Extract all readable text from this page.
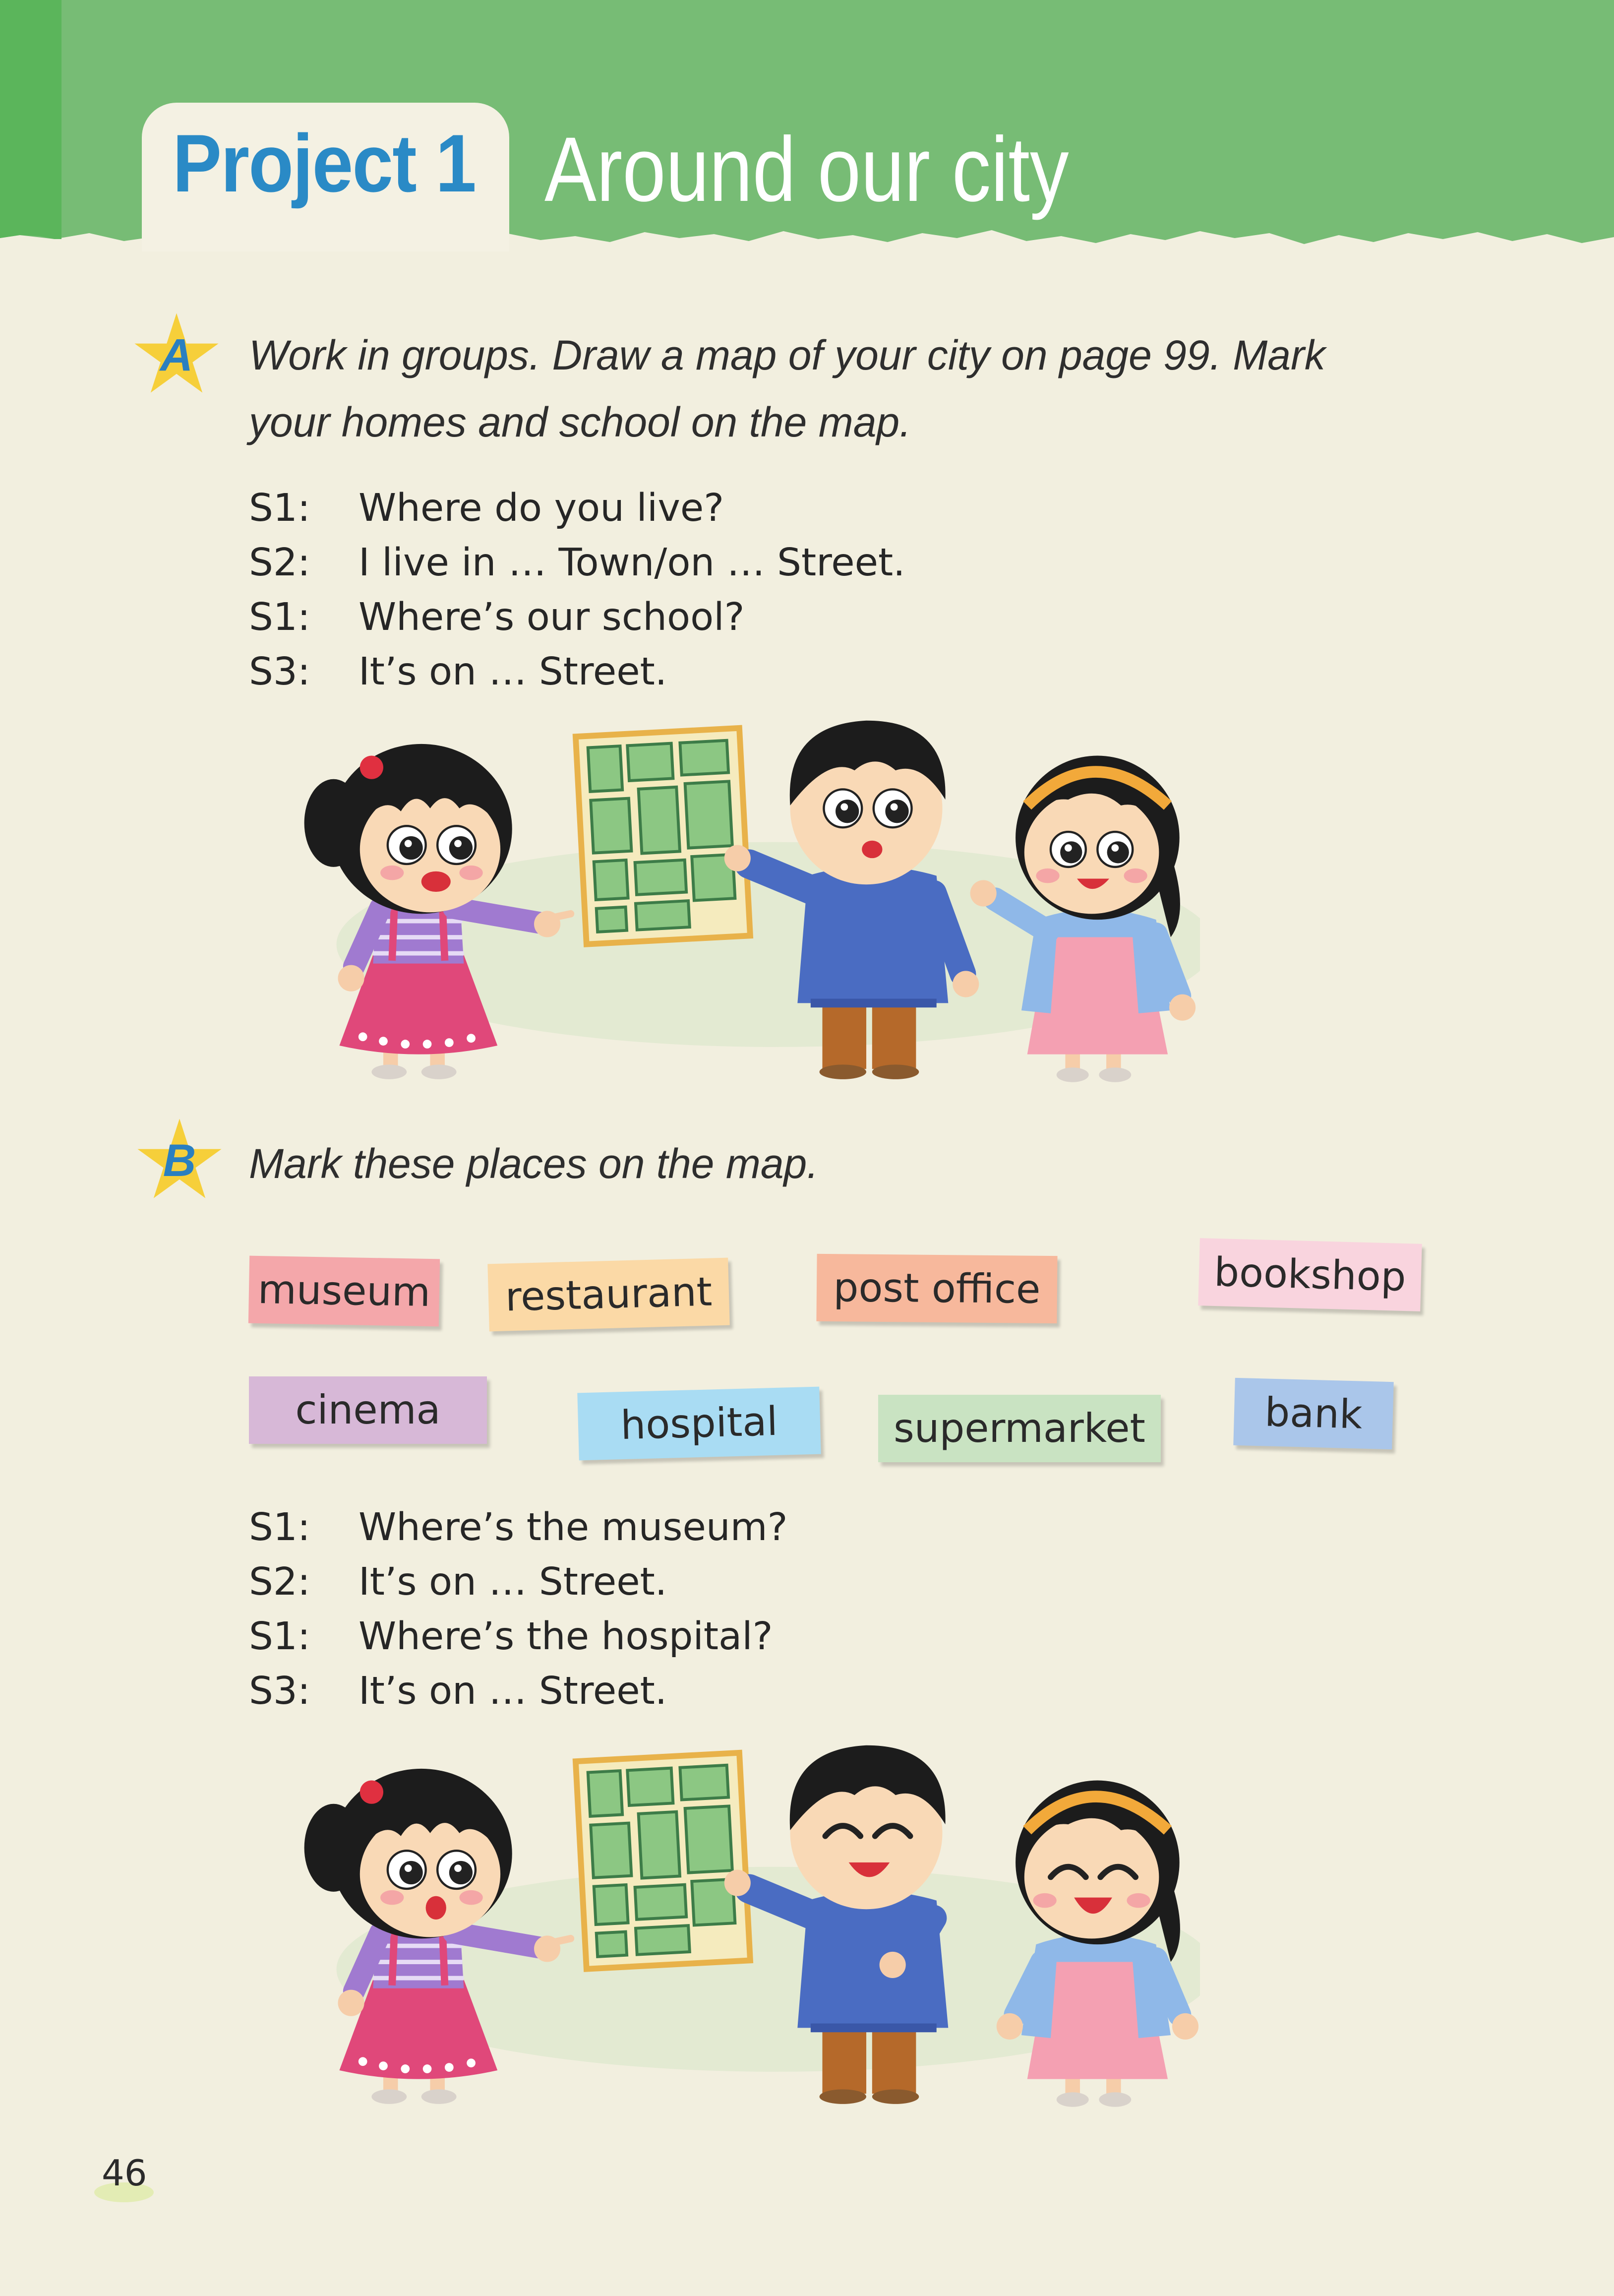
Project 1 Around our city
A	Work in groups. Draw a map of your city on page 99. Mark
your homes and school on the map.
S1: Where do you live?
S2: I live in … Town/on … Street.
S1: Where’s our school?
S3: It’s on … Street.
B	Mark these places on the map.
museum	restaurant	post office	bookshop
cinema	hospital	supermarket	bank
S1: Where’s the museum?
S2: It’s on … Street.
S1: Where’s the hospital?
S3: It’s on … Street.
46
